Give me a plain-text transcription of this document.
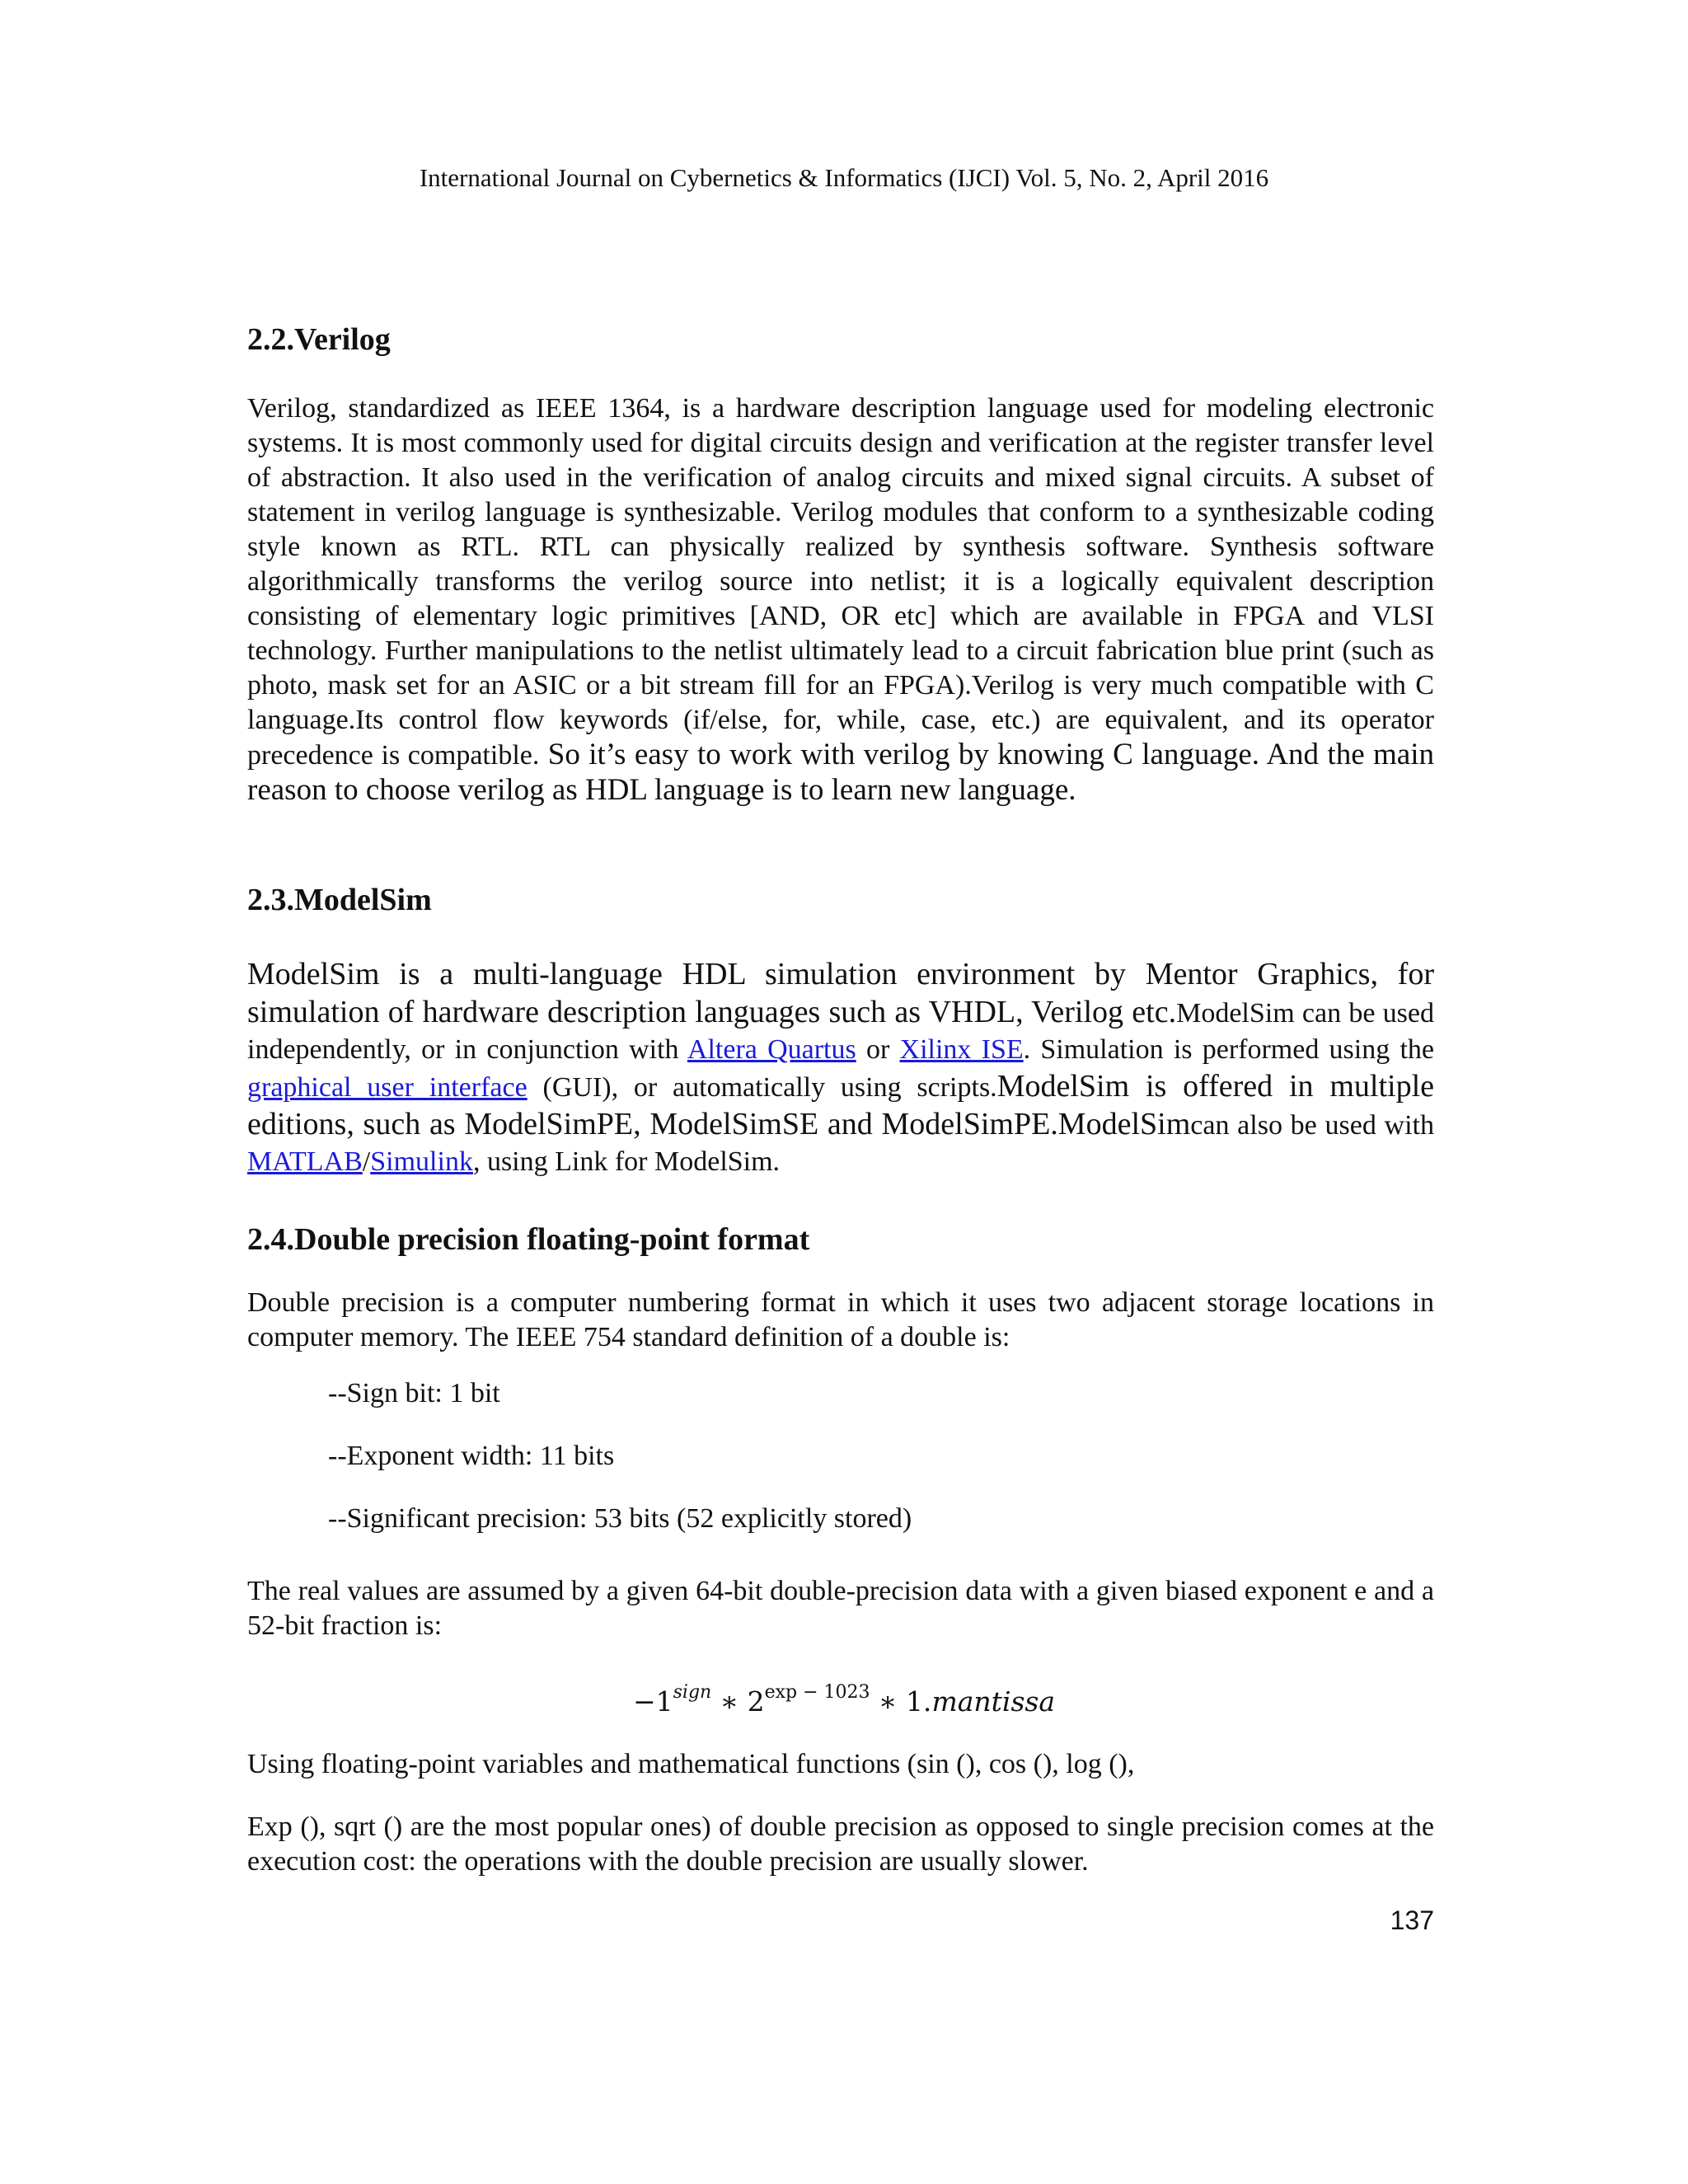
International Journal on Cybernetics & Informatics (IJCI) Vol. 5, No. 2, April 2016
2.2.Verilog

Verilog, standardized as IEEE 1364, is a hardware description language used for modeling electronic systems. It is most commonly used for digital circuits design and verification at the register transfer level of abstraction. It also used in the verification of analog circuits and mixed signal circuits. A subset of statement in verilog language is synthesizable. Verilog modules that conform to a synthesizable coding style known as RTL. RTL can physically realized by synthesis software. Synthesis software algorithmically transforms the verilog source into netlist; it is a logically equivalent description consisting of elementary logic primitives [AND, OR etc] which are available in FPGA and VLSI technology. Further manipulations to the netlist ultimately lead to a circuit fabrication blue print (such as photo, mask set for an ASIC or a bit stream fill for an FPGA).Verilog is very much compatible with C language.Its control flow keywords (if/else, for, while, case, etc.) are equivalent, and its operator precedence is compatible. So it’s easy to work with verilog by knowing C language. And the main reason to choose verilog as HDL language is to learn new language.

2.3.ModelSim

ModelSim is a multi-language HDL simulation environment by Mentor Graphics, for simulation of hardware description languages such as VHDL, Verilog etc.ModelSim can be used independently, or in conjunction with Altera Quartus or Xilinx ISE. Simulation is performed using the graphical user interface (GUI), or automatically using scripts.ModelSim is offered in multiple editions, such as ModelSimPE, ModelSimSE and ModelSimPE.ModelSimcan also be used with MATLAB/Simulink, using Link for ModelSim.

2.4.Double precision floating-point format

Double precision is a computer numbering format in which it uses two adjacent storage locations in computer memory. The IEEE 754 standard definition of a double is:

--Sign bit: 1 bit
--Exponent width: 11 bits
--Significant precision: 53 bits (52 explicitly stored)

The real values are assumed by a given 64-bit double-precision data with a given biased exponent e and a 52-bit fraction is:

$-1^{sign}$ ∗ $2^{exp - 1023}$ ∗ 1.mantissa

Using floating-point variables and mathematical functions (sin (), cos (), log (),

Exp (), sqrt () are the most popular ones) of double precision as opposed to single precision comes at the execution cost: the operations with the double precision are usually slower.

137
